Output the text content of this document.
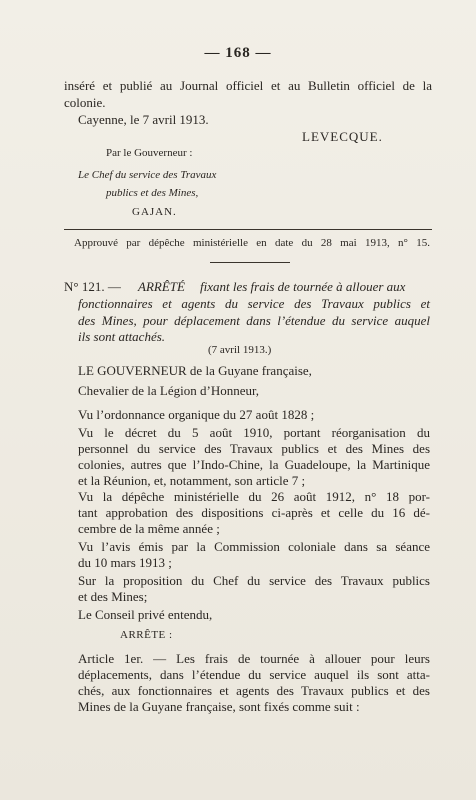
— 168 —
inséré et publié au Journal officiel et au Bulletin officiel de la
colonie.
Cayenne, le 7 avril 1913.
LEVECQUE.
Par le Gouverneur :
Le Chef du service des Travaux
publics et des Mines,
GAJAN.
Approuvé par dépêche ministérielle en date du 28 mai 1913, n° 15.
N° 121. — ARRÊTÉ fixant les frais de tournée à allouer aux
fonctionnaires et agents du service des Travaux publics et
des Mines, pour déplacement dans l’étendue du service auquel
ils sont attachés.
(7 avril 1913.)
LE GOUVERNEUR de la Guyane française,
Chevalier de la Légion d’Honneur,
Vu l’ordonnance organique du 27 août 1828 ;
Vu le décret du 5 août 1910, portant réorganisation du
personnel du service des Travaux publics et des Mines des
colonies, autres que l’Indo-Chine, la Guadeloupe, la Martinique
et la Réunion, et, notamment, son article 7 ;
Vu la dépêche ministérielle du 26 août 1912, n° 18 por-
tant approbation des dispositions ci-après et celle du 16 dé-
cembre de la même année ;
Vu l’avis émis par la Commission coloniale dans sa séance
du 10 mars 1913 ;
Sur la proposition du Chef du service des Travaux publics
et des Mines;
Le Conseil privé entendu,
ARRÊTE :
Article 1er. — Les frais de tournée à allouer pour leurs
déplacements, dans l’étendue du service auquel ils sont atta-
chés, aux fonctionnaires et agents des Travaux publics et des
Mines de la Guyane française, sont fixés comme suit :
